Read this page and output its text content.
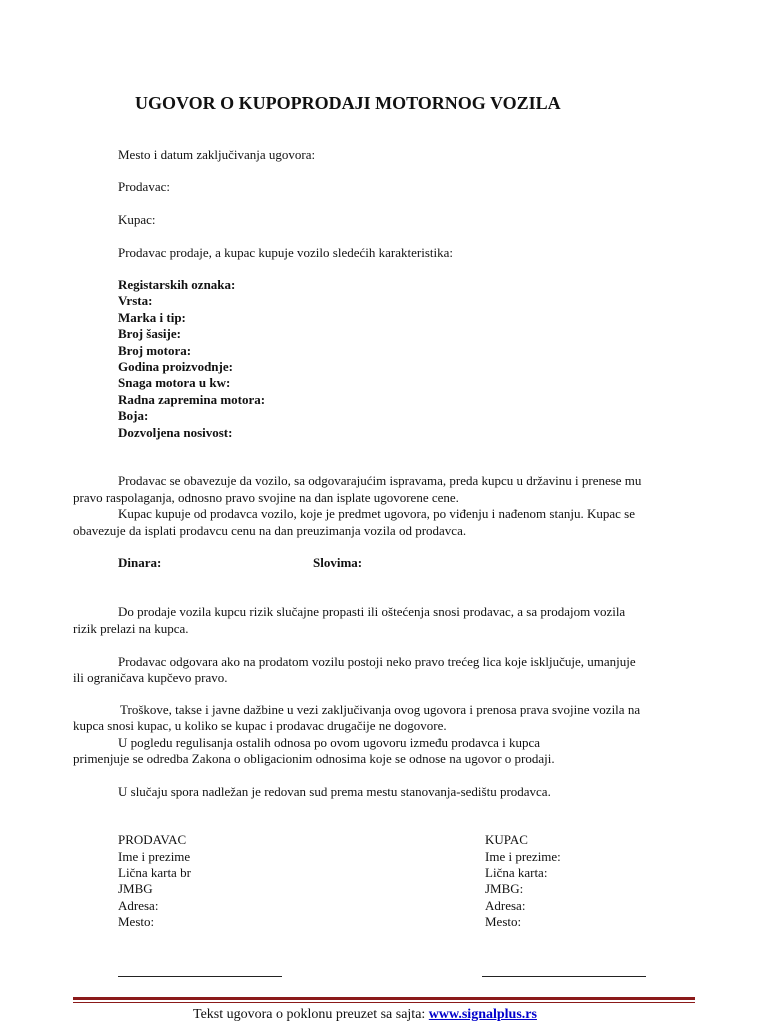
UGOVOR O KUPOPRODAJI MOTORNOG VOZILA
Mesto i datum zaključivanja ugovora:
Prodavac:
Kupac:
Prodavac prodaje, a kupac kupuje vozilo sledećih karakteristika:
Registarskih oznaka:
Vrsta:
Marka i tip:
Broj šasije:
Broj motora:
Godina proizvodnje:
Snaga motora u kw:
Radna zapremina motora:
Boja:
Dozvoljena nosivost:
Prodavac se obavezuje da vozilo, sa odgovarajućim ispravama, preda kupcu u državinu i prenese mu
pravo raspolaganja, odnosno pravo svojine na dan isplate ugovorene cene.
Kupac kupuje od prodavca vozilo, koje je predmet ugovora, po viđenju i nađenom stanju. Kupac se
obavezuje da isplati prodavcu cenu na dan preuzimanja vozila od prodavca.
Dinara:	Slovima:
Do prodaje vozila kupcu rizik slučajne propasti ili oštećenja snosi prodavac, a sa prodajom vozila
rizik prelazi na kupca.
Prodavac odgovara ako na prodatom vozilu postoji neko pravo trećeg lica koje isključuje, umanjuje
ili ograničava kupčevo pravo.
Troškove, takse i javne dažbine u vezi zaključivanja ovog ugovora i prenosa prava svojine vozila na
kupca snosi kupac, u koliko se kupac i prodavac drugačije ne dogovore.
U pogledu regulisanja ostalih odnosa po ovom ugovoru između prodavca i kupca
primenjuje se odredba Zakona o obligacionim odnosima koje se odnose na ugovor o prodaji.
U slučaju spora nadležan je redovan sud prema mestu stanovanja-sedištu prodavca.
PRODAVAC
Ime i prezime
Lična karta br
JMBG
Adresa:
Mesto:
KUPAC
Ime i prezime:
Lična karta:
JMBG:
Adresa:
Mesto:
Tekst ugovora o poklonu preuzet sa sajta: www.signalplus.rs
